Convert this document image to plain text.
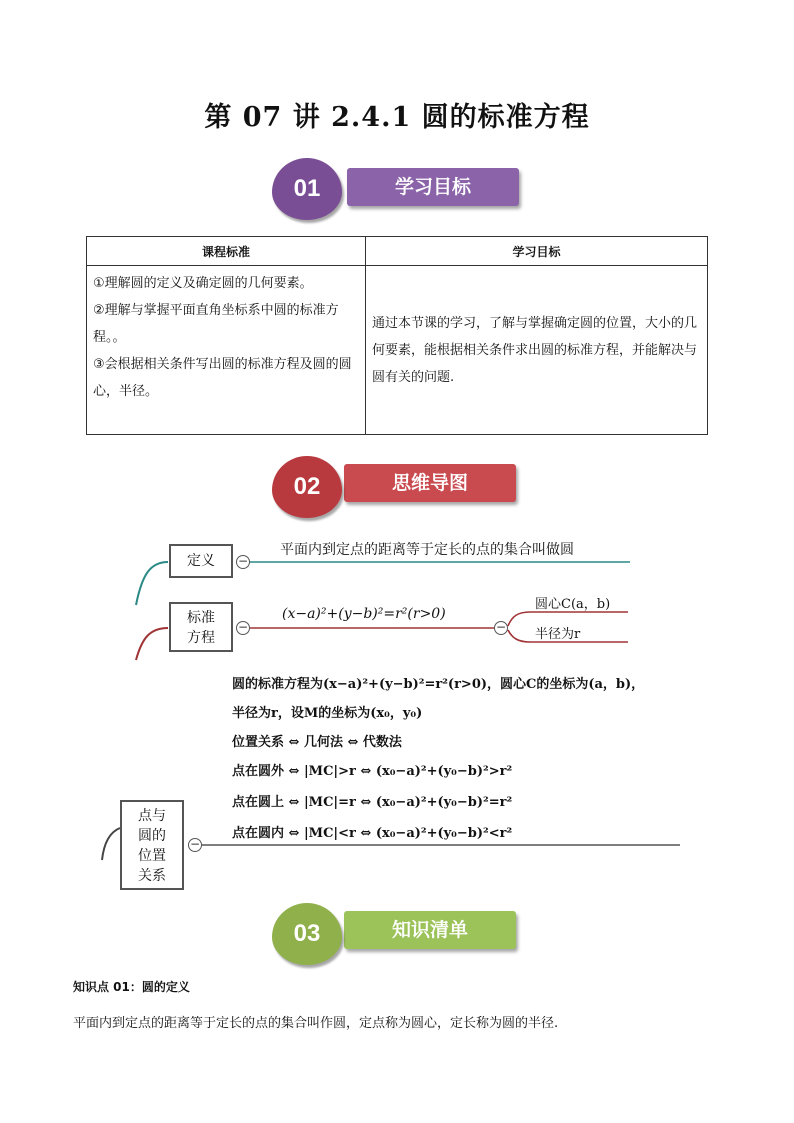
第 07 讲 2.4.1 圆的标准方程
01	学习目标
课程标准	学习目标

①理解圆的定义及确定圆的几何要素。
②理解与掌握平面直角坐标系中圆的标准方程。。
③会根据相关条件写出圆的标准方程及圆的圆心，半径。	通过本节课的学习，了解与掌握确定圆的位置，大小的几何要素，能根据相关条件求出圆的标准方程，并能解决与圆有关的问题.
02	思维导图
定义	−
平面内到定点的距离等于定长的点的集合叫做圆
标准
方程
−
(x−a)²+(y−b)²=r²(r>0)
−
圆心C(a，b)
半径为r
圆的标准方程为(x−a)²+(y−b)²=r²(r>0)，圆心C的坐标为(a，b)，
半径为r，设M的坐标为(x₀，y₀)
位置关系 ⇔ 几何法 ⇔ 代数法
点在圆外 ⇔ |MC|>r ⇔ (x₀−a)²+(y₀−b)²>r²
点在圆上 ⇔ |MC|=r ⇔ (x₀−a)²+(y₀−b)²=r²
点在圆内 ⇔ |MC|<r ⇔ (x₀−a)²+(y₀−b)²<r²
点与
圆的
位置
关系
−
03	知识清单
知识点 01：圆的定义
平面内到定点的距离等于定长的点的集合叫作圆，定点称为圆心，定长称为圆的半径.
